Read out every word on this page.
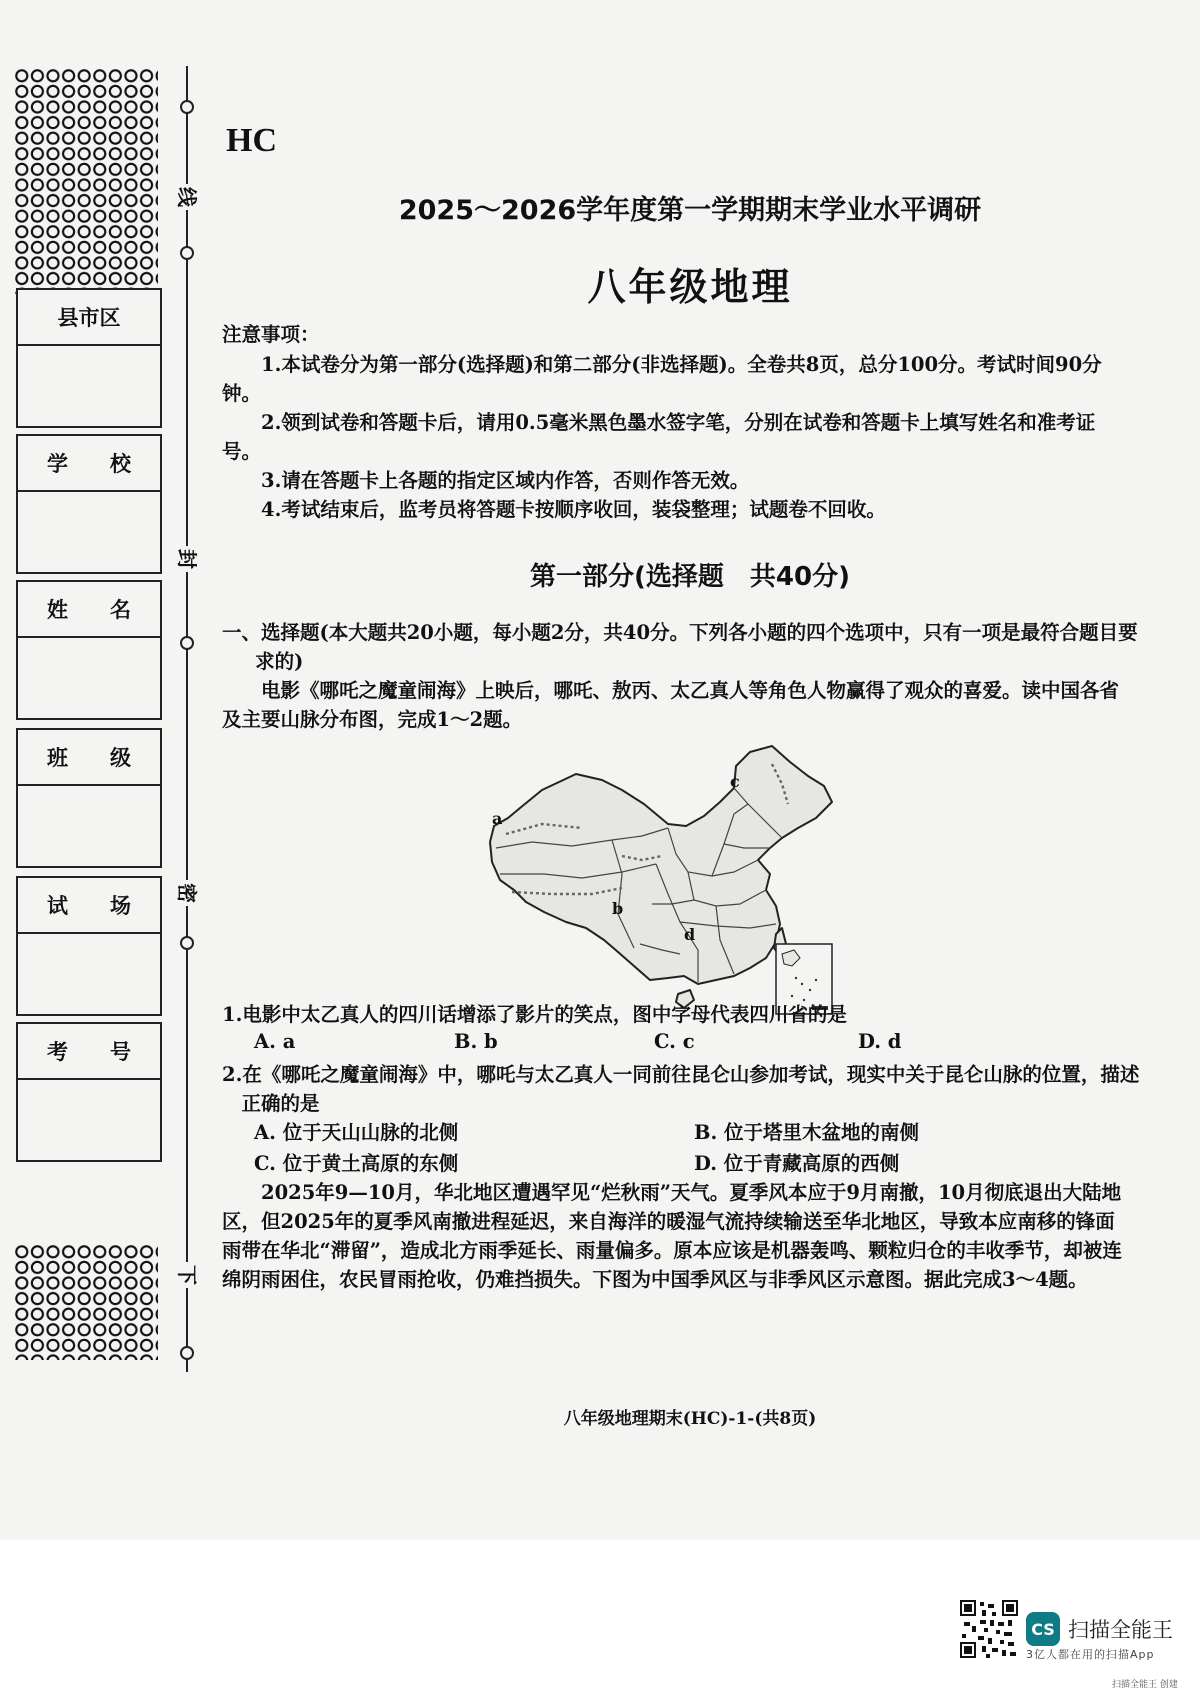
县市区
学　　校
姓　　名
班　　级
试　　场
考　　号
线
封
密
下
HC
2025～2026学年度第一学期期末学业水平调研
八年级地理
注意事项：
1.本试卷分为第一部分(选择题)和第二部分(非选择题)。全卷共8页，总分100分。考试时间90分钟。
2.领到试卷和答题卡后，请用0.5毫米黑色墨水签字笔，分别在试卷和答题卡上填写姓名和准考证号。
3.请在答题卡上各题的指定区域内作答，否则作答无效。
4.考试结束后，监考员将答题卡按顺序收回，装袋整理；试题卷不回收。
第一部分(选择题　共40分)
一、选择题(本大题共20小题，每小题2分，共40分。下列各小题的四个选项中，只有一项是最符合题目要求的)
电影《哪吒之魔童闹海》上映后，哪吒、敖丙、太乙真人等角色人物赢得了观众的喜爱。读中国各省及主要山脉分布图，完成1～2题。
a
b
c
d
1.电影中太乙真人的四川话增添了影片的笑点，图中字母代表四川省的是
A. a	B. b	C. c	D. d
2.在《哪吒之魔童闹海》中，哪吒与太乙真人一同前往昆仑山参加考试，现实中关于昆仑山脉的位置，描述正确的是
A. 位于天山山脉的北侧	B. 位于塔里木盆地的南侧
C. 位于黄土高原的东侧	D. 位于青藏高原的西侧
2025年9—10月，华北地区遭遇罕见“烂秋雨”天气。夏季风本应于9月南撤，10月彻底退出大陆地区，但2025年的夏季风南撤进程延迟，来自海洋的暖湿气流持续输送至华北地区，导致本应南移的锋面雨带在华北“滞留”，造成北方雨季延长、雨量偏多。原本应该是机器轰鸣、颗粒归仓的丰收季节，却被连绵阴雨困住，农民冒雨抢收，仍难挡损失。下图为中国季风区与非季风区示意图。据此完成3～4题。
八年级地理期末(HC)-1-(共8页)
CS 扫描全能王
3亿人都在用的扫描App
扫描全能王 创建
